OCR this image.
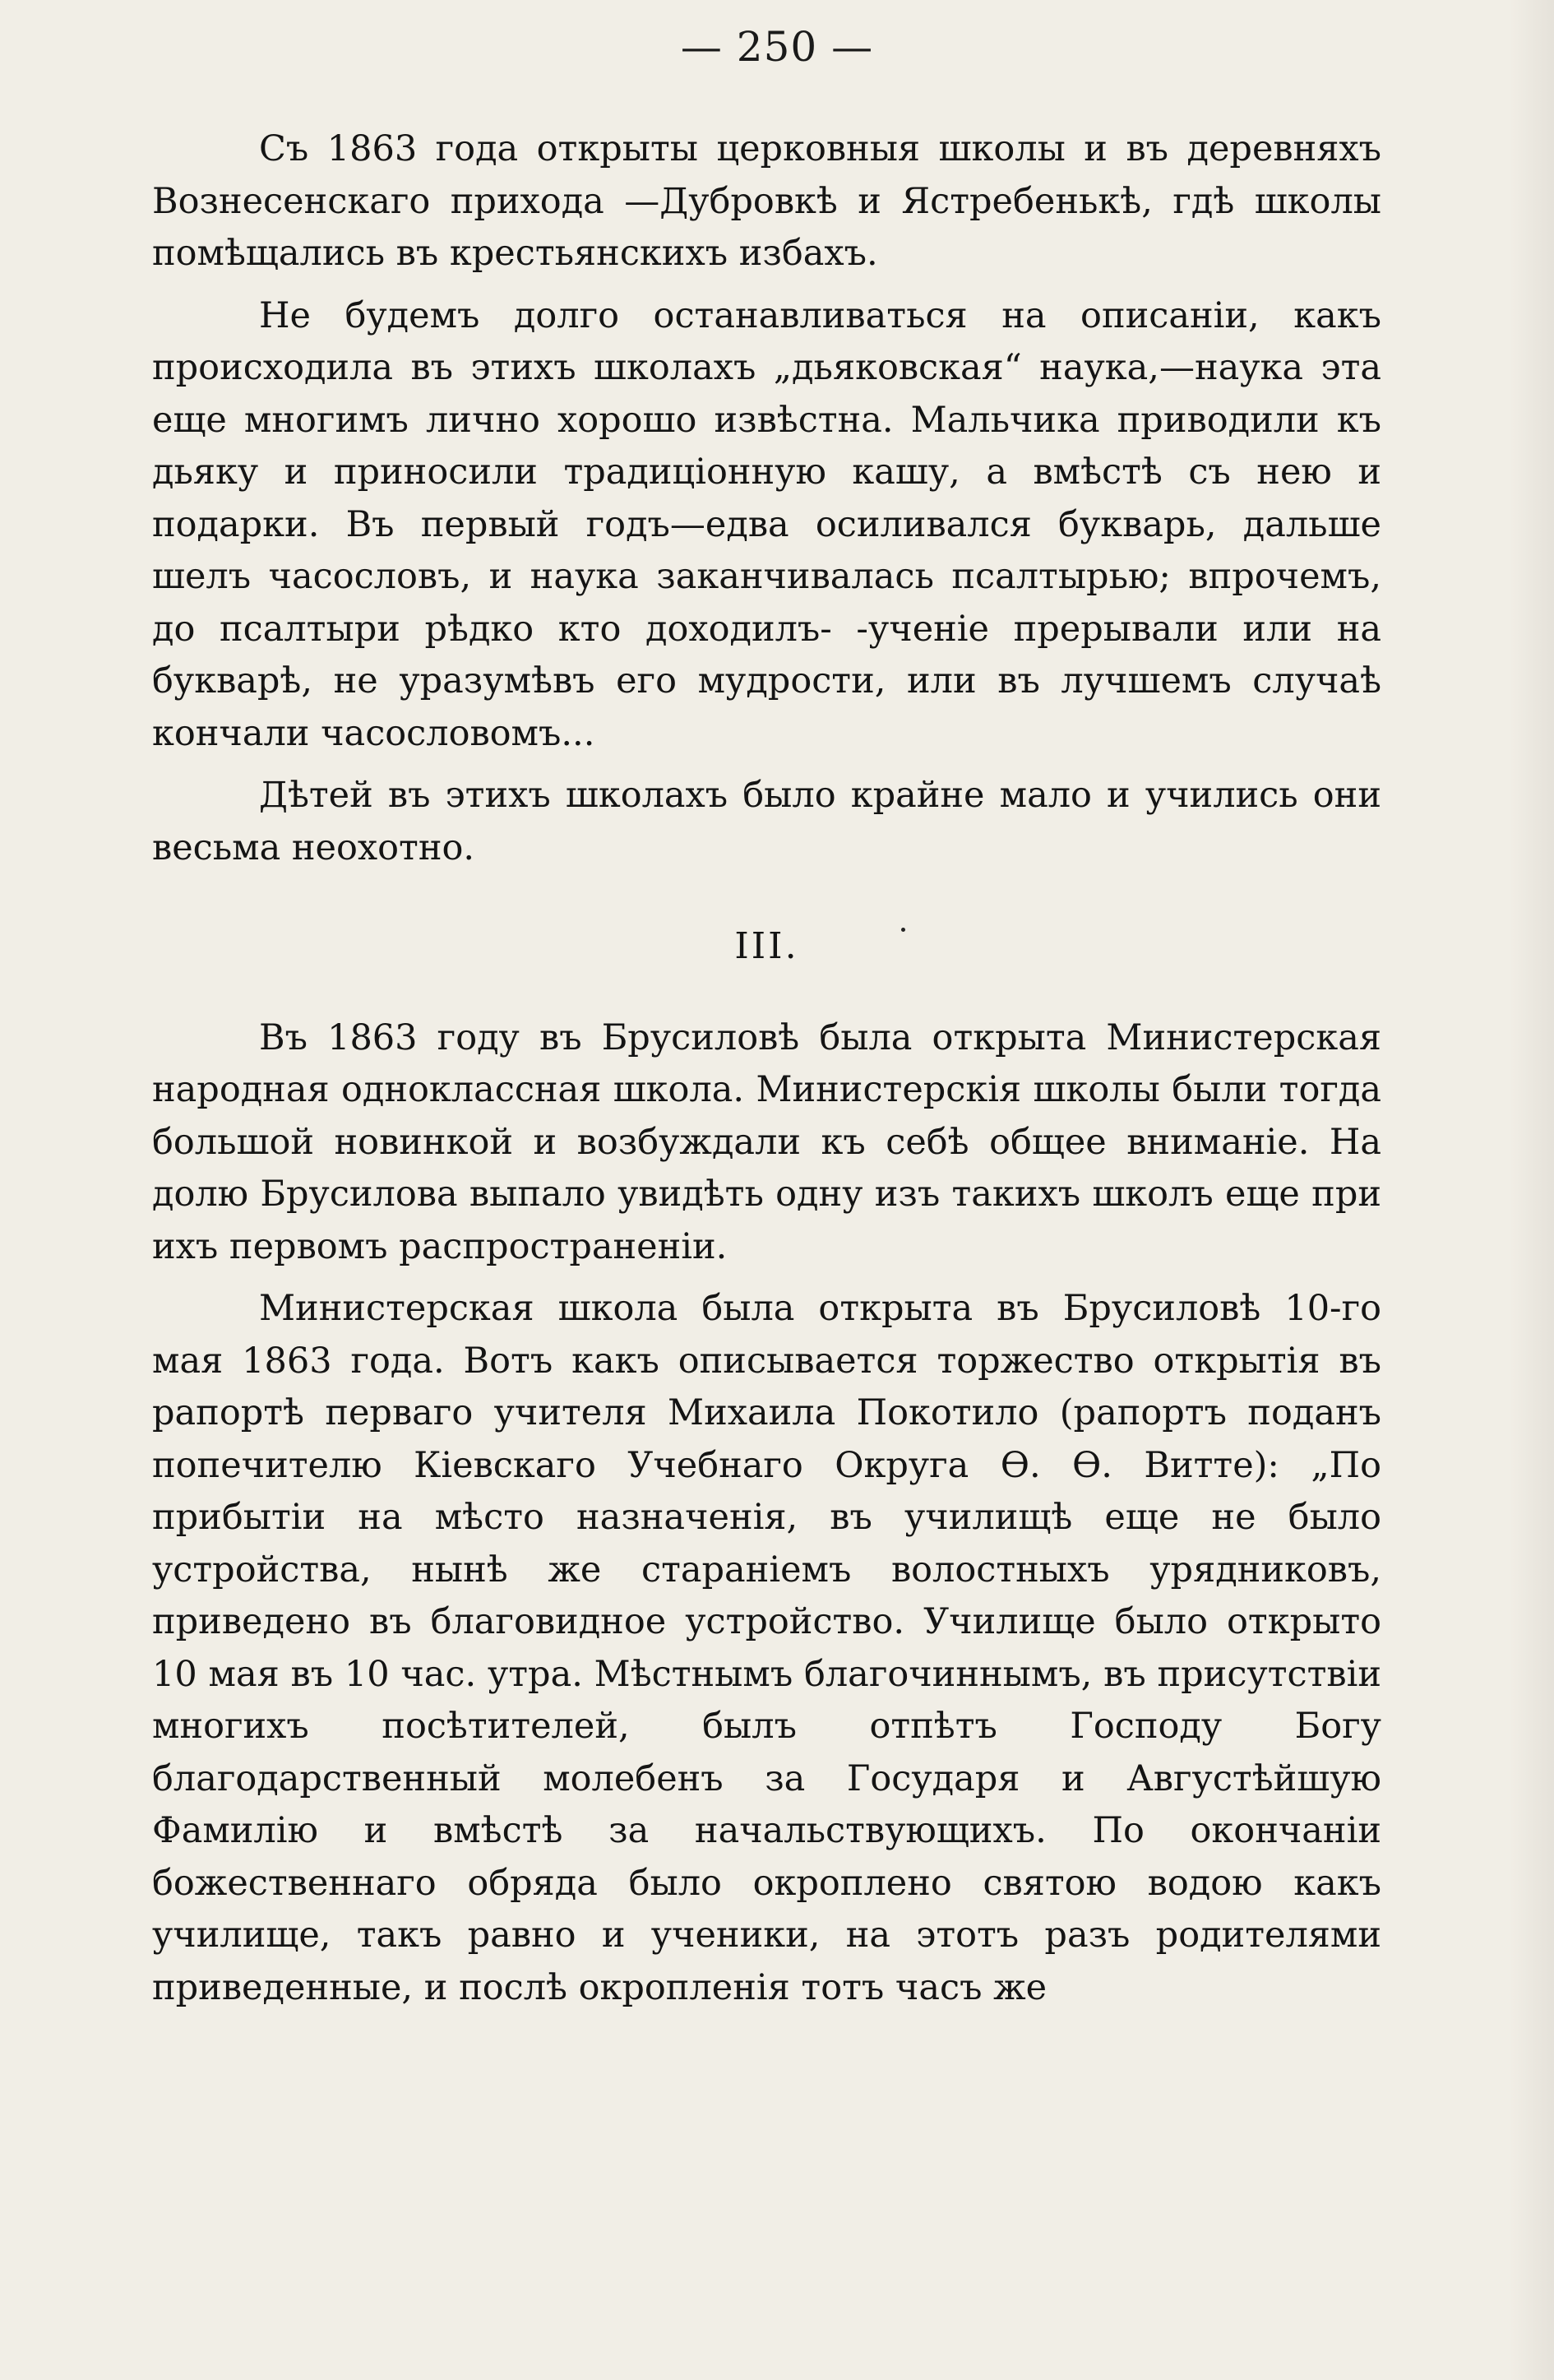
— 250 —

Съ 1863 года открыты церковныя школы и въ деревняхъ Вознесенскаго прихода —Дубровкѣ и Ястребенькѣ, гдѣ школы помѣщались въ крестьянскихъ избахъ.

Не будемъ долго останавливаться на описаніи, какъ происходила въ этихъ школахъ „дьяковская“ наука,—наука эта еще многимъ лично хорошо извѣстна. Мальчика приводили къ дьяку и приносили традиціонную кашу, а вмѣстѣ съ нею и подарки. Въ первый годъ—едва осиливался букварь, дальше шелъ часословъ, и наука заканчивалась псалтырью; впрочемъ, до псалтыри рѣдко кто доходилъ- -ученіе прерывали или на букварѣ, не уразумѣвъ его мудрости, или въ лучшемъ случаѣ кончали часословомъ...

Дѣтей въ этихъ школахъ было крайне мало и учились они весьма неохотно.

III.

Въ 1863 году въ Брусиловѣ была открыта Министерская народная одноклассная школа. Министерскія школы были тогда большой новинкой и возбуждали къ себѣ общее вниманіе. На долю Брусилова выпало увидѣть одну изъ такихъ школъ еще при ихъ первомъ распространеніи.

Министерская школа была открыта въ Брусиловѣ 10-го мая 1863 года. Вотъ какъ описывается торжество открытія въ рапортѣ перваго учителя Михаила Покотило (рапортъ поданъ попечителю Кіевскаго Учебнаго Округа Ѳ. Ѳ. Витте): „По прибытіи на мѣсто назначенія, въ училищѣ еще не было устройства, нынѣ же стараніемъ волостныхъ урядниковъ, приведено въ благовидное устройство. Училище было открыто 10 мая въ 10 час. утра. Мѣстнымъ благочиннымъ, въ присутствіи многихъ посѣтителей, былъ отпѣтъ Господу Богу благодарственный молебенъ за Государя и Августѣйшую Фамилію и вмѣстѣ за начальствующихъ. По окончаніи божественнаго обряда было окроплено святою водою какъ училище, такъ равно и ученики, на этотъ разъ родителями приведенные, и послѣ окропленія тотъ часъ же
